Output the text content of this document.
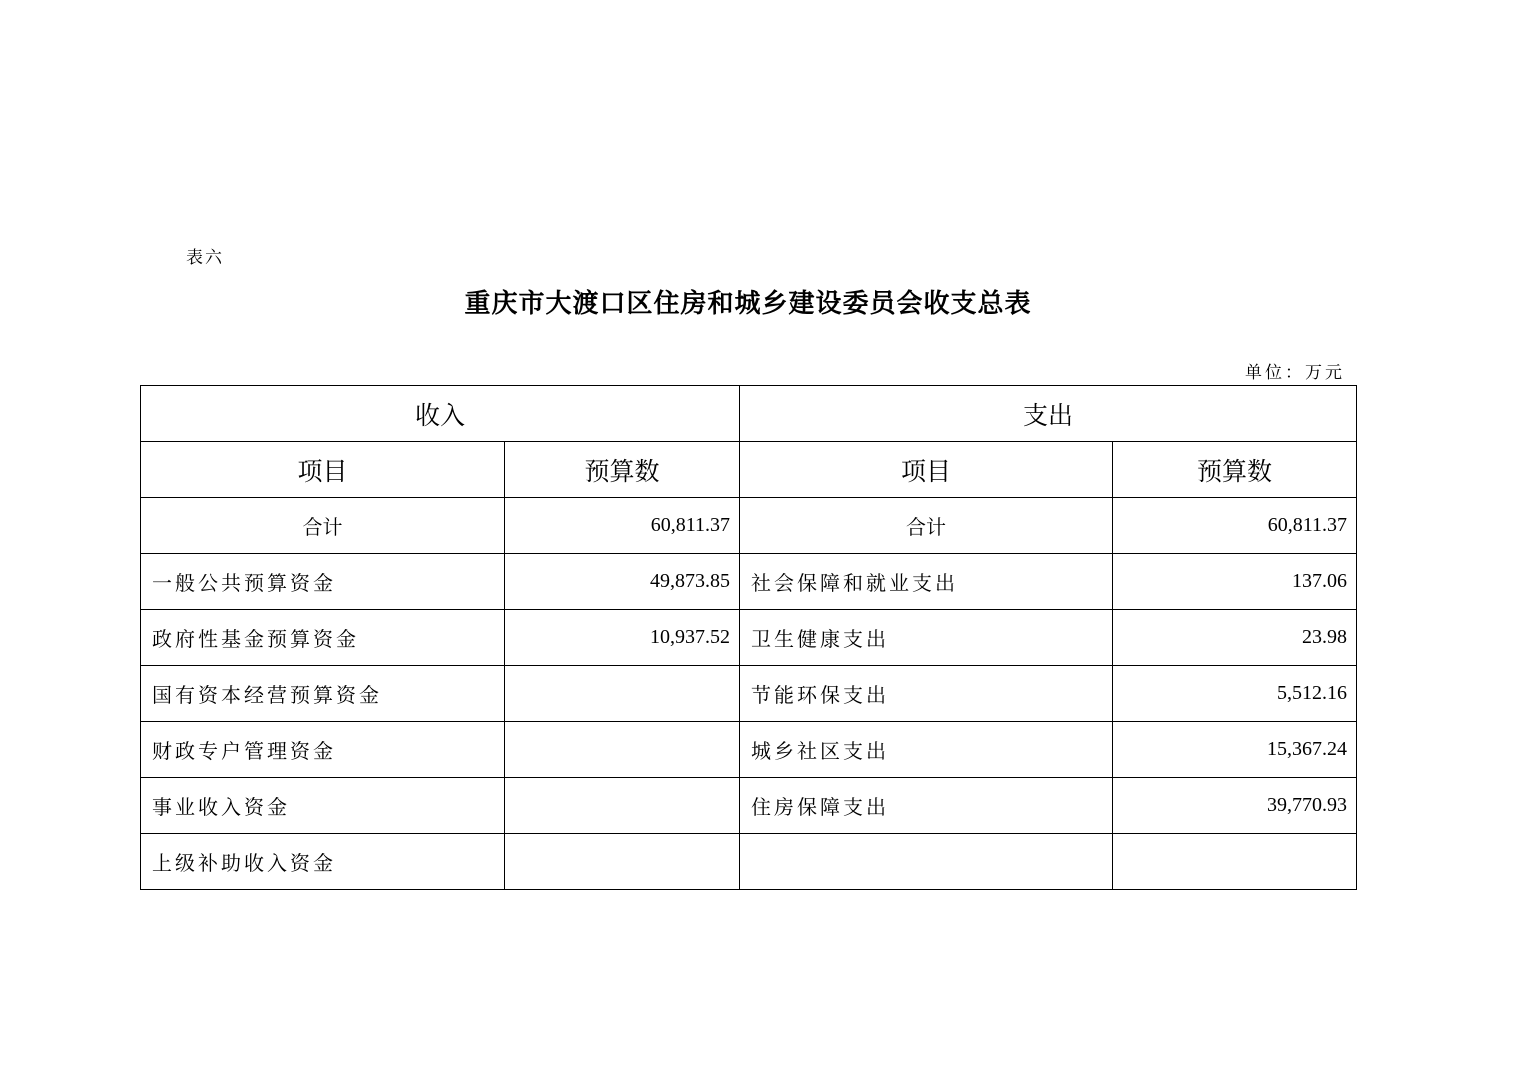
表六
重庆市大渡口区住房和城乡建设委员会收支总表
单位：万元
收入		支出	
项目	预算数	项目	预算数
合计	60,811.37	合计	60,811.37
一般公共预算资金	49,873.85	社会保障和就业支出	137.06
政府性基金预算资金	10,937.52	卫生健康支出	23.98
国有资本经营预算资金		节能环保支出	5,512.16
财政专户管理资金		城乡社区支出	15,367.24
事业收入资金		住房保障支出	39,770.93
上级补助收入资金			
